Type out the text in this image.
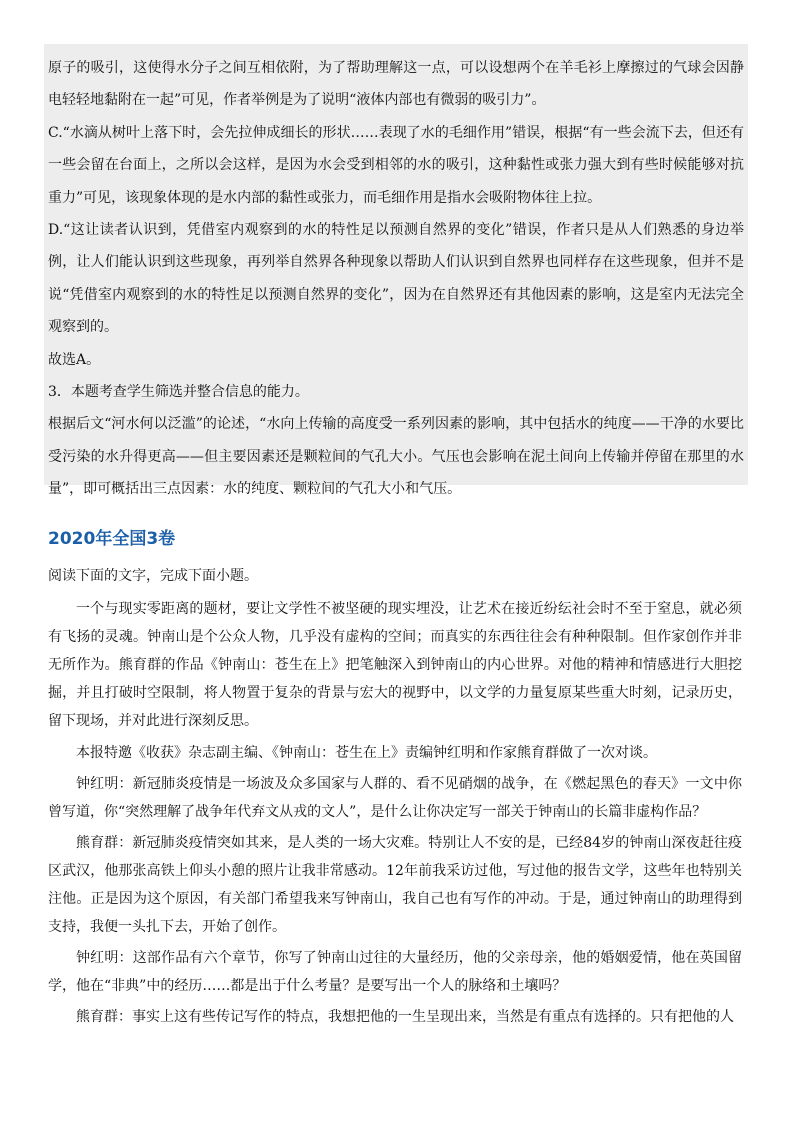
原子的吸引，这使得水分子之间互相依附，为了帮助理解这一点，可以设想两个在羊毛衫上摩擦过的气球会因静电轻轻地黏附在一起”可见，作者举例是为了说明“液体内部也有微弱的吸引力”。

C.“水滴从树叶上落下时，会先拉伸成细长的形状……表现了水的毛细作用”错误，根据“有一些会流下去，但还有一些会留在台面上，之所以会这样，是因为水会受到相邻的水的吸引，这种黏性或张力强大到有些时候能够对抗重力”可见，该现象体现的是水内部的黏性或张力，而毛细作用是指水会吸附物体往上拉。

D.“这让读者认识到，凭借室内观察到的水的特性足以预测自然界的变化”错误，作者只是从人们熟悉的身边举例，让人们能认识到这些现象，再列举自然界各种现象以帮助人们认识到自然界也同样存在这些现象，但并不是说“凭借室内观察到的水的特性足以预测自然界的变化”，因为在自然界还有其他因素的影响，这是室内无法完全观察到的。

故选A。

3．本题考查学生筛选并整合信息的能力。

根据后文“河水何以泛滥”的论述，“水向上传输的高度受一系列因素的影响，其中包括水的纯度——干净的水要比受污染的水升得更高——但主要因素还是颗粒间的气孔大小。气压也会影响在泥土间向上传输并停留在那里的水量”，即可概括出三点因素：水的纯度、颗粒间的气孔大小和气压。

2020年全国3卷

阅读下面的文字，完成下面小题。

一个与现实零距离的题材，要让文学性不被坚硬的现实埋没，让艺术在接近纷纭社会时不至于窒息，就必须有飞扬的灵魂。钟南山是个公众人物，几乎没有虚构的空间；而真实的东西往往会有种种限制。但作家创作并非无所作为。熊育群的作品《钟南山：苍生在上》把笔触深入到钟南山的内心世界。对他的精神和情感进行大胆挖掘，并且打破时空限制，将人物置于复杂的背景与宏大的视野中，以文学的力量复原某些重大时刻，记录历史，留下现场，并对此进行深刻反思。

本报特邀《收获》杂志副主编、《钟南山：苍生在上》责编钟红明和作家熊育群做了一次对谈。

钟红明：新冠肺炎疫情是一场波及众多国家与人群的、看不见硝烟的战争，在《燃起黑色的春天》一文中你曾写道，你“突然理解了战争年代弃文从戎的文人”，是什么让你决定写一部关于钟南山的长篇非虚构作品？

熊育群：新冠肺炎疫情突如其来，是人类的一场大灾难。特别让人不安的是，已经84岁的钟南山深夜赶往疫区武汉，他那张高铁上仰头小憩的照片让我非常感动。12年前我采访过他，写过他的报告文学，这些年也特别关注他。正是因为这个原因，有关部门希望我来写钟南山，我自己也有写作的冲动。于是，通过钟南山的助理得到支持，我便一头扎下去，开始了创作。

钟红明：这部作品有六个章节，你写了钟南山过往的大量经历，他的父亲母亲，他的婚姻爱情，他在英国留学，他在“非典”中的经历……都是出于什么考量？是要写出一个人的脉络和土壤吗？

熊育群：事实上这有些传记写作的特点，我想把他的一生呈现出来，当然是有重点有选择的。只有把他的人
